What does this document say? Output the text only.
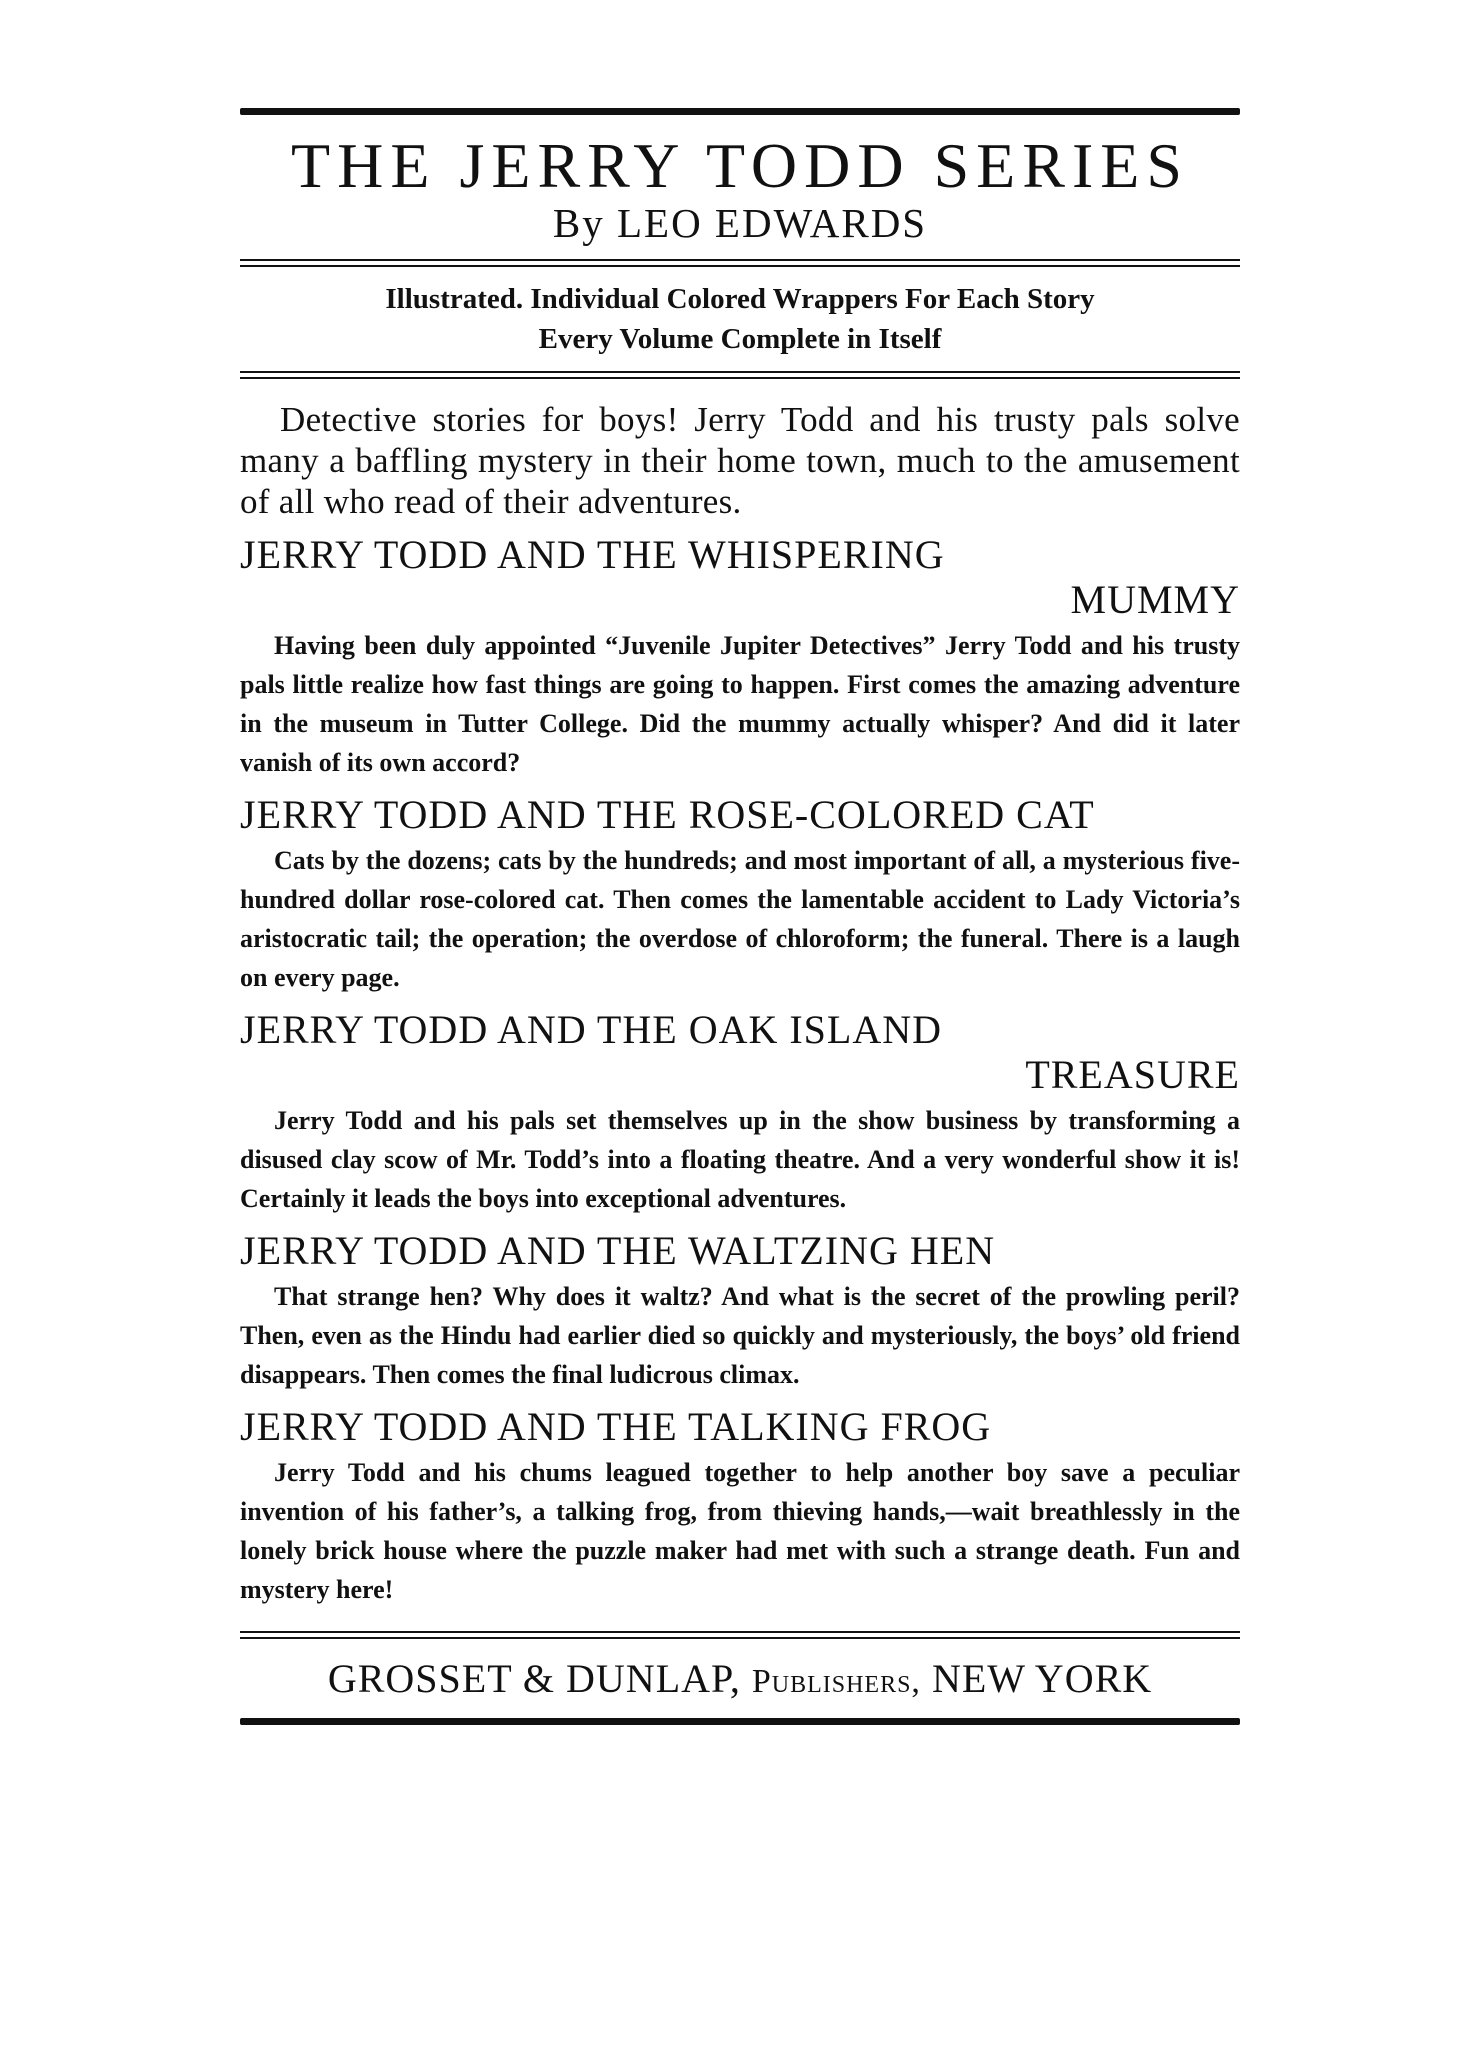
THE JERRY TODD SERIES
By LEO EDWARDS
Illustrated. Individual Colored Wrappers For Each Story
Every Volume Complete in Itself
Detective stories for boys! Jerry Todd and his trusty pals solve many a baffling mystery in their home town, much to the amusement of all who read of their adventures.
JERRY TODD AND THE WHISPERING
MUMMY
Having been duly appointed “Juvenile Jupiter Detectives” Jerry Todd and his trusty pals little realize how fast things are going to happen. First comes the amazing adventure in the museum in Tutter College. Did the mummy actually whisper? And did it later vanish of its own accord?
JERRY TODD AND THE ROSE-COLORED CAT
Cats by the dozens; cats by the hundreds; and most important of all, a mysterious five-hundred dollar rose-colored cat. Then comes the lamentable accident to Lady Victoria’s aristocratic tail; the operation; the overdose of chloroform; the funeral. There is a laugh on every page.
JERRY TODD AND THE OAK ISLAND
TREASURE
Jerry Todd and his pals set themselves up in the show business by transforming a disused clay scow of Mr. Todd’s into a floating theatre. And a very wonderful show it is! Certainly it leads the boys into exceptional adventures.
JERRY TODD AND THE WALTZING HEN
That strange hen? Why does it waltz? And what is the secret of the prowling peril? Then, even as the Hindu had earlier died so quickly and mysteriously, the boys’ old friend disappears. Then comes the final ludicrous climax.
JERRY TODD AND THE TALKING FROG
Jerry Todd and his chums leagued together to help another boy save a peculiar invention of his father’s, a talking frog, from thieving hands,—wait breathlessly in the lonely brick house where the puzzle maker had met with such a strange death. Fun and mystery here!
GROSSET & DUNLAP, Publishers, NEW YORK
